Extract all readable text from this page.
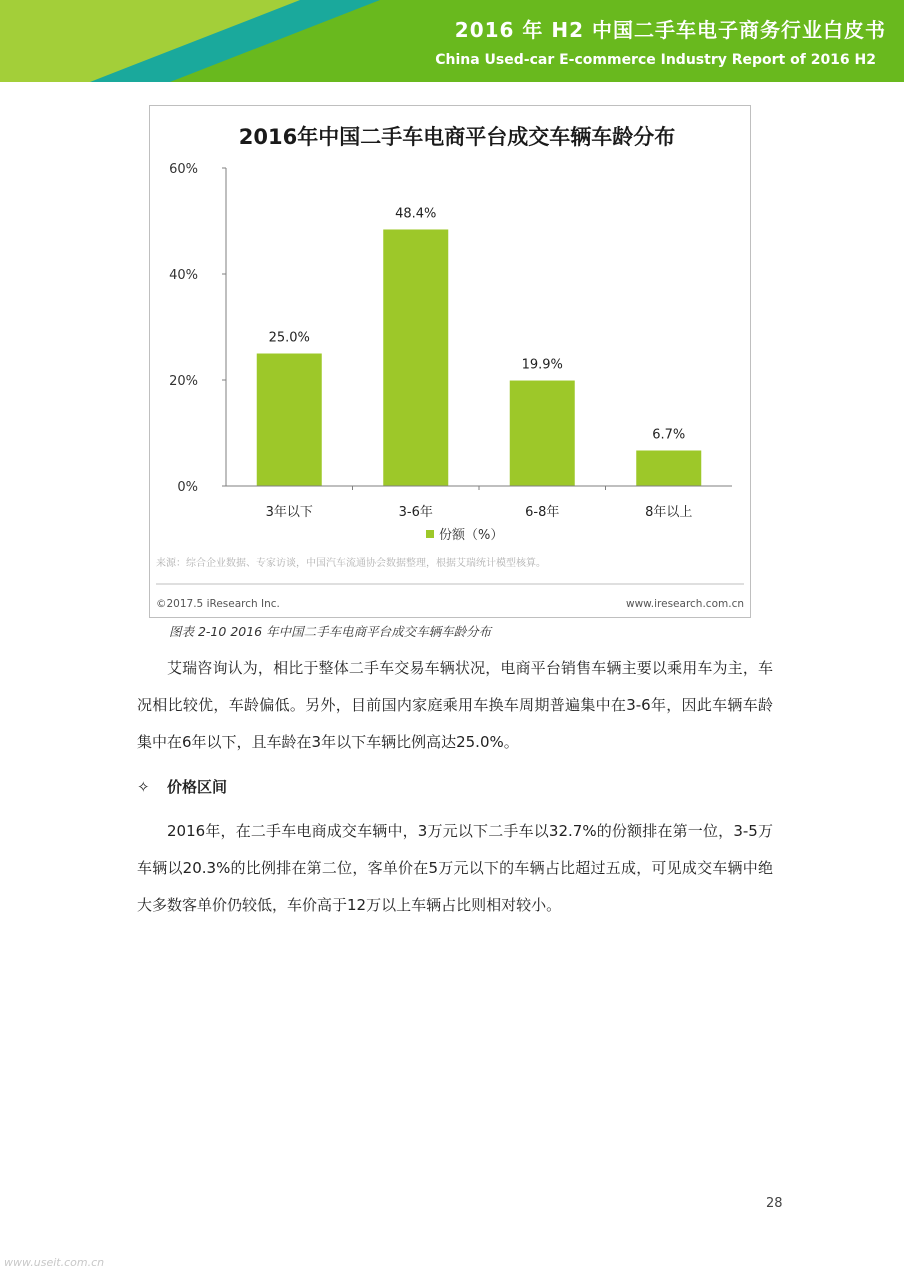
2016 年 H2 中国二手车电子商务行业白皮书
China Used-car E-commerce Industry Report of 2016 H2
2016年中国二手车电商平台成交车辆车龄分布
0%
20%
40%
60%
25.0%
48.4%
19.9%
6.7%
3年以下	3-6年	6-8年	8年以上
份额（%）
来源：综合企业数据、专家访谈，中国汽车流通协会数据整理，根据艾瑞统计模型核算。
©2017.5 iResearch Inc.	www.iresearch.com.cn
图表 2-10 2016 年中国二手车电商平台成交车辆车龄分布
艾瑞咨询认为，相比于整体二手车交易车辆状况，电商平台销售车辆主要以乘用车为主，车况相比较优，车龄偏低。另外，目前国内家庭乘用车换车周期普遍集中在3-6年，因此车辆车龄集中在6年以下，且车龄在3年以下车辆比例高达25.0%。
✧ 价格区间
2016年，在二手车电商成交车辆中，3万元以下二手车以32.7%的份额排在第一位，3-5万车辆以20.3%的比例排在第二位，客单价在5万元以下的车辆占比超过五成，可见成交车辆中绝大多数客单价仍较低，车价高于12万以上车辆占比则相对较小。
28
www.useit.com.cn
